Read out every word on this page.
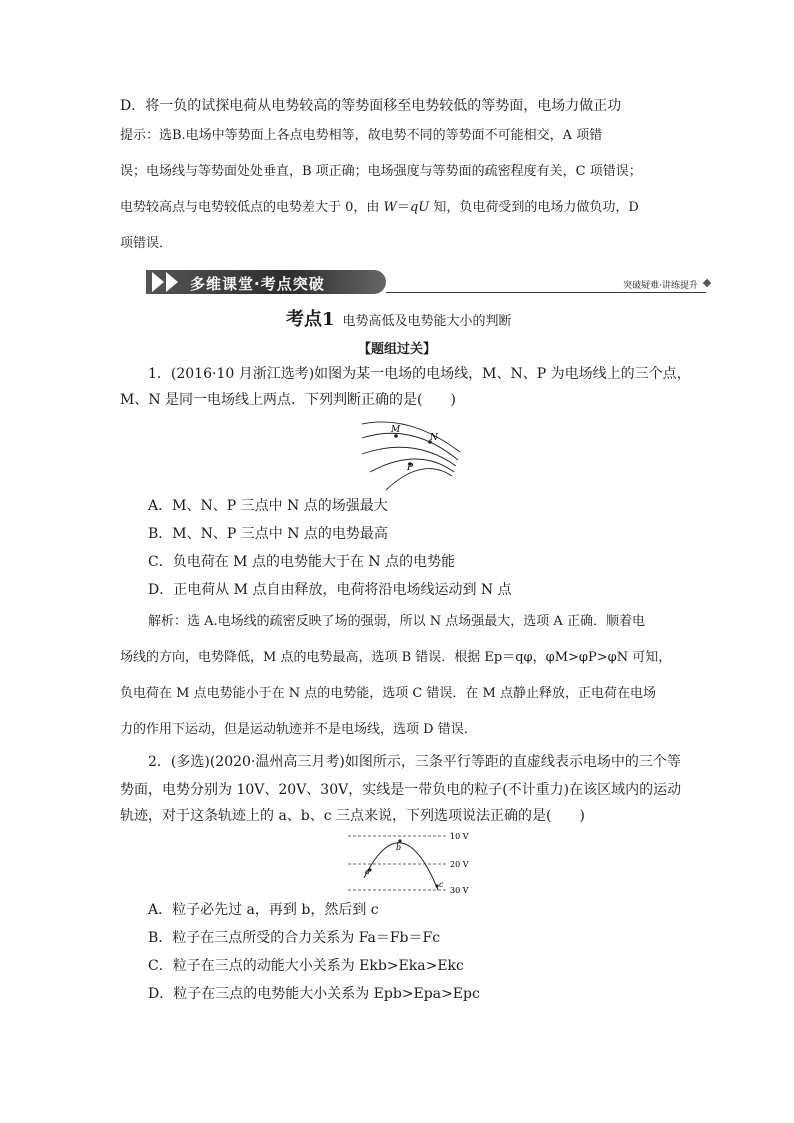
D．将一负的试探电荷从电势较高的等势面移至电势较低的等势面，电场力做正功
提示：选B.电场中等势面上各点电势相等，故电势不同的等势面不可能相交，A 项错
误；电场线与等势面处处垂直，B 项正确；电场强度与等势面的疏密程度有关，C 项错误；
电势较高点与电势较低点的电势差大于 0，由 W＝qU 知，负电荷受到的电场力做负功，D
项错误．
多维课堂·考点突破	突破疑难·讲练提升
考点1 电势高低及电势能大小的判断
【题组过关】
1．(2016·10 月浙江选考)如图为某一电场的电场线，M、N、P 为电场线上的三个点，
M、N 是同一电场线上两点．下列判断正确的是(　　)
M
N
P
A．M、N、P 三点中 N 点的场强最大
B．M、N、P 三点中 N 点的电势最高
C．负电荷在 M 点的电势能大于在 N 点的电势能
D．正电荷从 M 点自由释放，电荷将沿电场线运动到 N 点
解析：选 A.电场线的疏密反映了场的强弱，所以 N 点场强最大，选项 A 正确．顺着电
场线的方向，电势降低，M 点的电势最高，选项 B 错误．根据 Ep＝qφ，φM>φP>φN 可知，
负电荷在 M 点电势能小于在 N 点的电势能，选项 C 错误．在 M 点静止释放，正电荷在电场
力的作用下运动，但是运动轨迹并不是电场线，选项 D 错误．
2．(多选)(2020·温州高三月考)如图所示，三条平行等距的直虚线表示电场中的三个等
势面，电势分别为 10V、20V、30V，实线是一带负电的粒子(不计重力)在该区域内的运动
轨迹，对于这条轨迹上的 a、b、c 三点来说，下列选项说法正确的是(　　)
a
b
c
10 V
20 V
30 V
A．粒子必先过 a，再到 b，然后到 c
B．粒子在三点所受的合力关系为 Fa＝Fb＝Fc
C．粒子在三点的动能大小关系为 Ekb>Eka>Ekc
D．粒子在三点的电势能大小关系为 Epb>Epa>Epc
